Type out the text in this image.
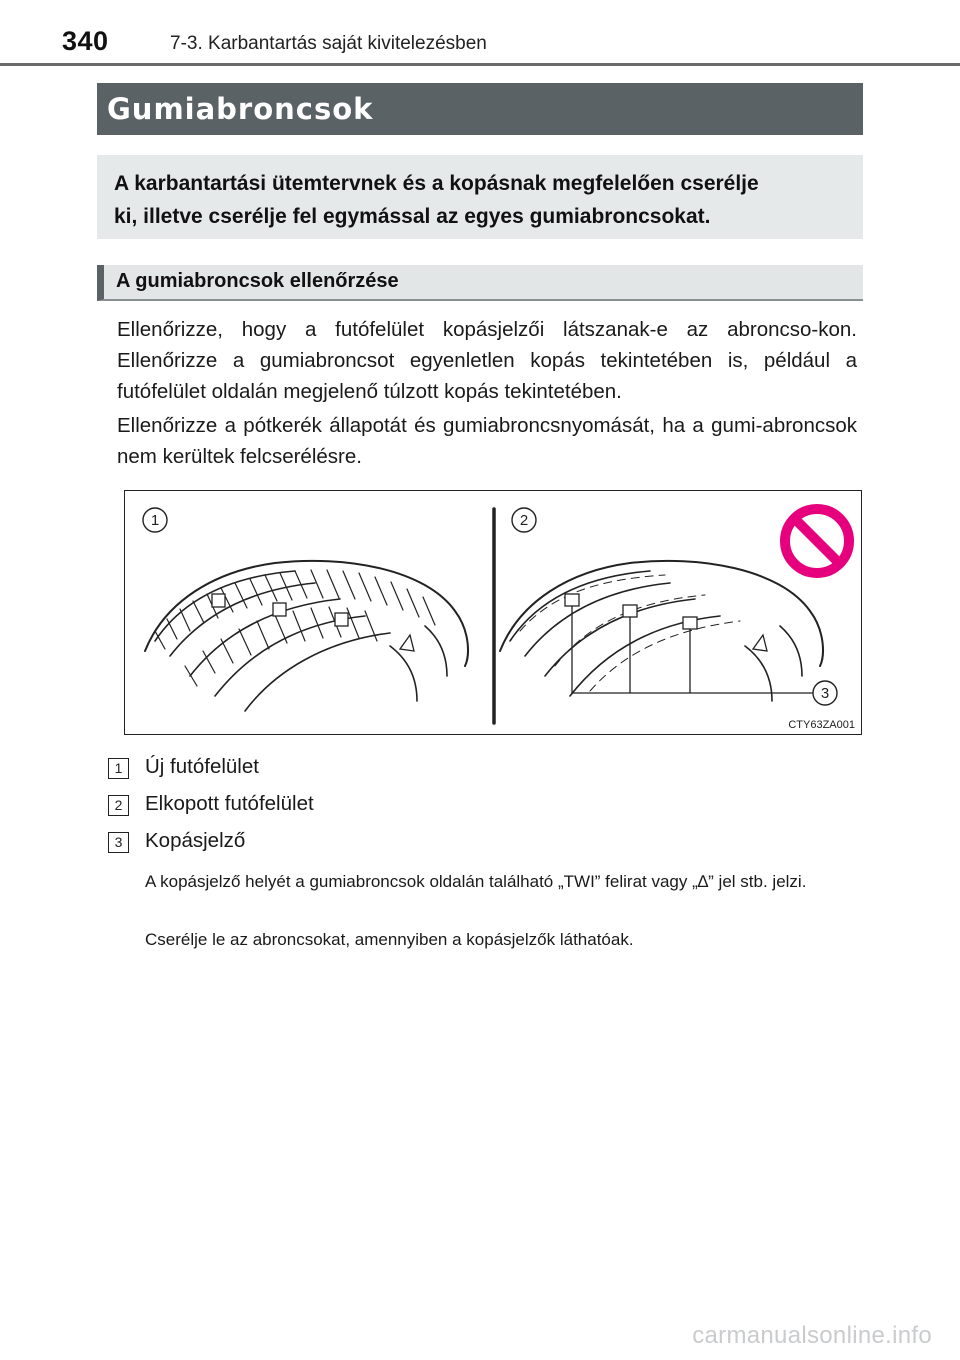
340	7-3. Karbantartás saját kivitelezésben
Gumiabroncsok
A karbantartási ütemtervnek és a kopásnak megfelelően cserélje
ki, illetve cserélje fel egymással az egyes gumiabroncsokat.
A gumiabroncsok ellenőrzése
Ellenőrizze, hogy a futófelület kopásjelzői látszanak-e az abroncso-kon. Ellenőrizze a gumiabroncsot egyenletlen kopás tekintetében is, például a futófelület oldalán megjelenő túlzott kopás tekintetében.
Ellenőrizze a pótkerék állapotát és gumiabroncsnyomását, ha a gumi-abroncsok nem kerültek felcserélésre.
1	2
3
CTY63ZA001
1	Új futófelület
2	Elkopott futófelület
3	Kopásjelző
A kopásjelző helyét a gumiabroncsok oldalán található „TWI” felirat vagy „∆” jel stb. jelzi.
Cserélje le az abroncsokat, amennyiben a kopásjelzők láthatóak.
carmanualsonline.info
